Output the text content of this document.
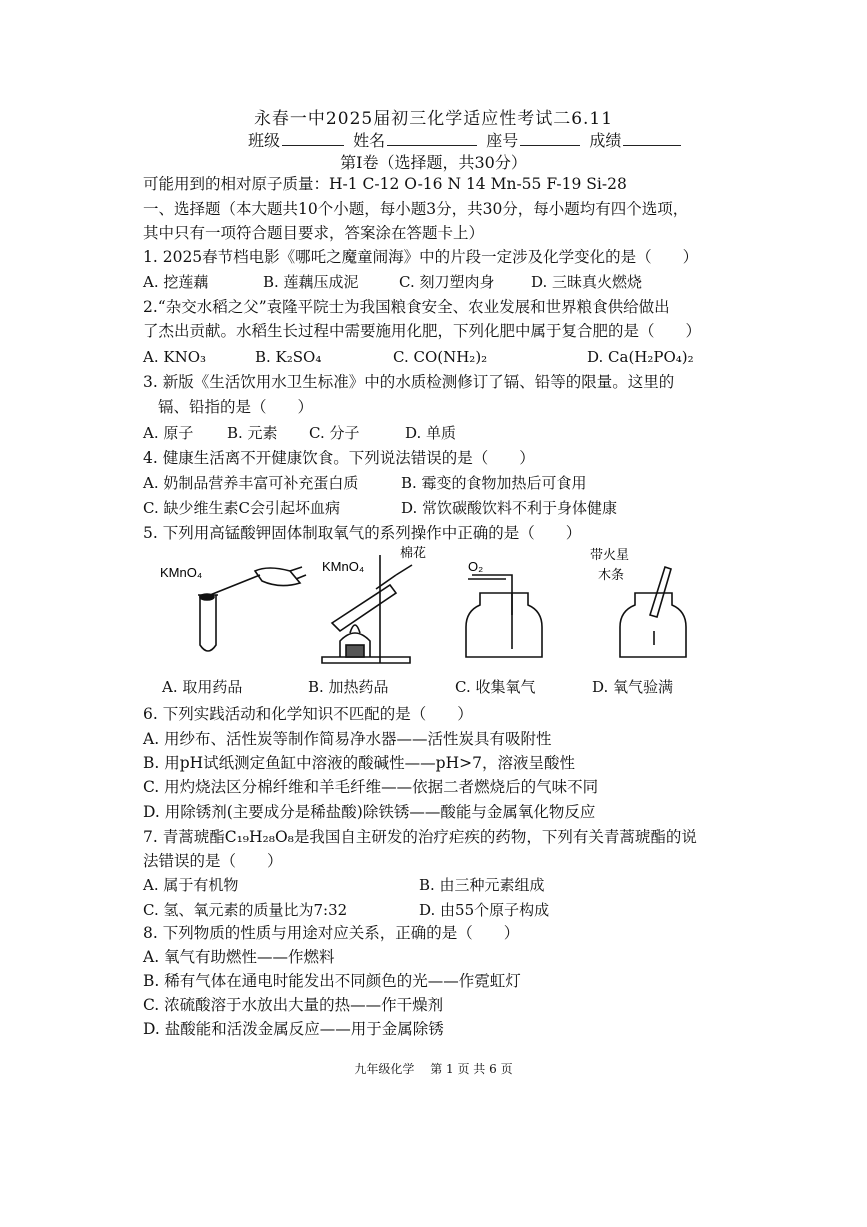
永春一中2025届初三化学适应性考试二6.11
班级	姓名	座号	成绩
第Ⅰ卷（选择题，共30分）
可能用到的相对原子质量：H-1 C-12 O-16 N 14 Mn-55 F-19 Si-28
一、选择题（本大题共10个小题，每小题3分，共30分，每小题均有四个选项，
其中只有一项符合题目要求，答案涂在答题卡上）
1. 2025春节档电影《哪吒之魔童闹海》中的片段一定涉及化学变化的是（　　）
A. 挖莲藕	B. 莲藕压成泥	C. 刻刀塑肉身 D. 三昧真火燃烧
2.“杂交水稻之父”袁隆平院士为我国粮食安全、农业发展和世界粮食供给做出
了杰出贡献。水稻生长过程中需要施用化肥，下列化肥中属于复合肥的是（　　）
A. KNO₃	B. K₂SO₄	C. CO(NH₂)₂	D. Ca(H₂PO₄)₂
3. 新版《生活饮用水卫生标准》中的水质检测修订了镉、铅等的限量。这里的
镉、铅指的是（　　）
A. 原子 B. 元素 C. 分子	D. 单质
4. 健康生活离不开健康饮食。下列说法错误的是（　　）
A. 奶制品营养丰富可补充蛋白质	B. 霉变的食物加热后可食用
C. 缺少维生素C会引起坏血病	D. 常饮碳酸饮料不利于身体健康
5. 下列用高锰酸钾固体制取氧气的系列操作中正确的是（　　）
KMnO₄	KMnO₄
棉花
O₂
带火星
木条
A. 取用药品	B. 加热药品	C. 收集氧气	D. 氧气验满
6. 下列实践活动和化学知识不匹配的是（　　）
A. 用纱布、活性炭等制作简易净水器——活性炭具有吸附性
B. 用pH试纸测定鱼缸中溶液的酸碱性——pH>7，溶液呈酸性
C. 用灼烧法区分棉纤维和羊毛纤维——依据二者燃烧后的气味不同
D. 用除锈剂(主要成分是稀盐酸)除铁锈——酸能与金属氧化物反应
7. 青蒿琥酯C₁₉H₂₈O₈是我国自主研发的治疗疟疾的药物，下列有关青蒿琥酯的说
法错误的是（　　）
A. 属于有机物	B. 由三种元素组成
C. 氢、氧元素的质量比为7:32	D. 由55个原子构成
8. 下列物质的性质与用途对应关系，正确的是（　　）
A. 氧气有助燃性——作燃料
B. 稀有气体在通电时能发出不同颜色的光——作霓虹灯
C. 浓硫酸溶于水放出大量的热——作干燥剂
D. 盐酸能和活泼金属反应——用于金属除锈
九年级化学　 第 1 页 共 6 页
